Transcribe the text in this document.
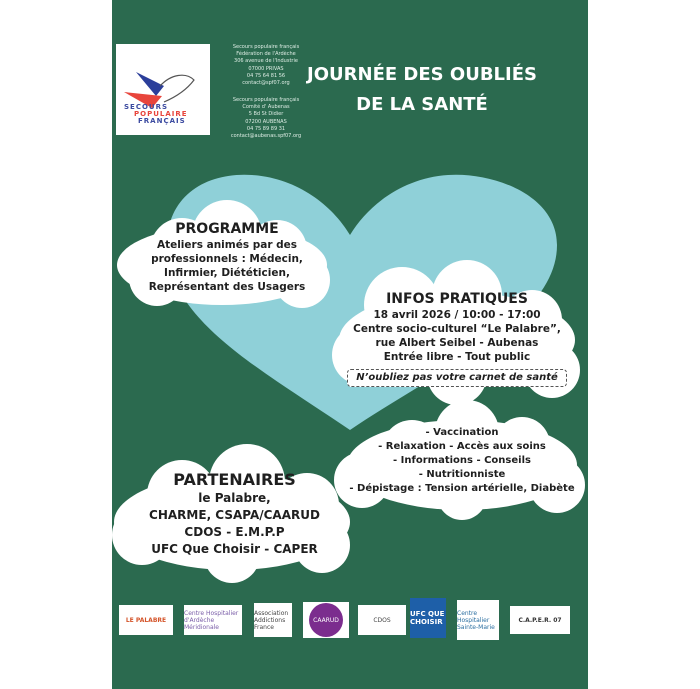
SECOURS
POPULAIRE
FRANÇAIS
Secours populaire français
Fédération de l'Ardèche
306 avenue de l'Industrie
07000 PRIVAS
04 75 64 81 56
contact@spf07.org
Secours populaire français
Comité d' Aubenas
5 Bd St Didier
07200 AUBENAS
04 75 89 89 31
contact@aubenas.spf07.org
JOURNÉE DES OUBLIÉS
DE LA SANTÉ
PROGRAMME
Ateliers animés par des
professionnels : Médecin,
Infirmier, Diététicien,
Représentant des Usagers
INFOS PRATIQUES
18 avril 2026 / 10:00 - 17:00
Centre socio-culturel “Le Palabre”,
rue Albert Seibel - Aubenas
Entrée libre - Tout public
N’oubliez pas votre carnet de santé
- Vaccination
- Relaxation - Accès aux soins
- Informations - Conseils
- Nutritionniste
- Dépistage : Tension artérielle, Diabète
PARTENAIRES
le Palabre,
CHARME, CSAPA/CAARUD
CDOS - E.M.P.P
UFC Que Choisir - CAPER
LE PALABRE
Centre Hospitalier d'Ardèche Méridionale
Association Addictions France
CAARUD	CDOS
UFC QUE CHOISIR
Centre Hospitalier Sainte-Marie
C.A.P.E.R. 07
